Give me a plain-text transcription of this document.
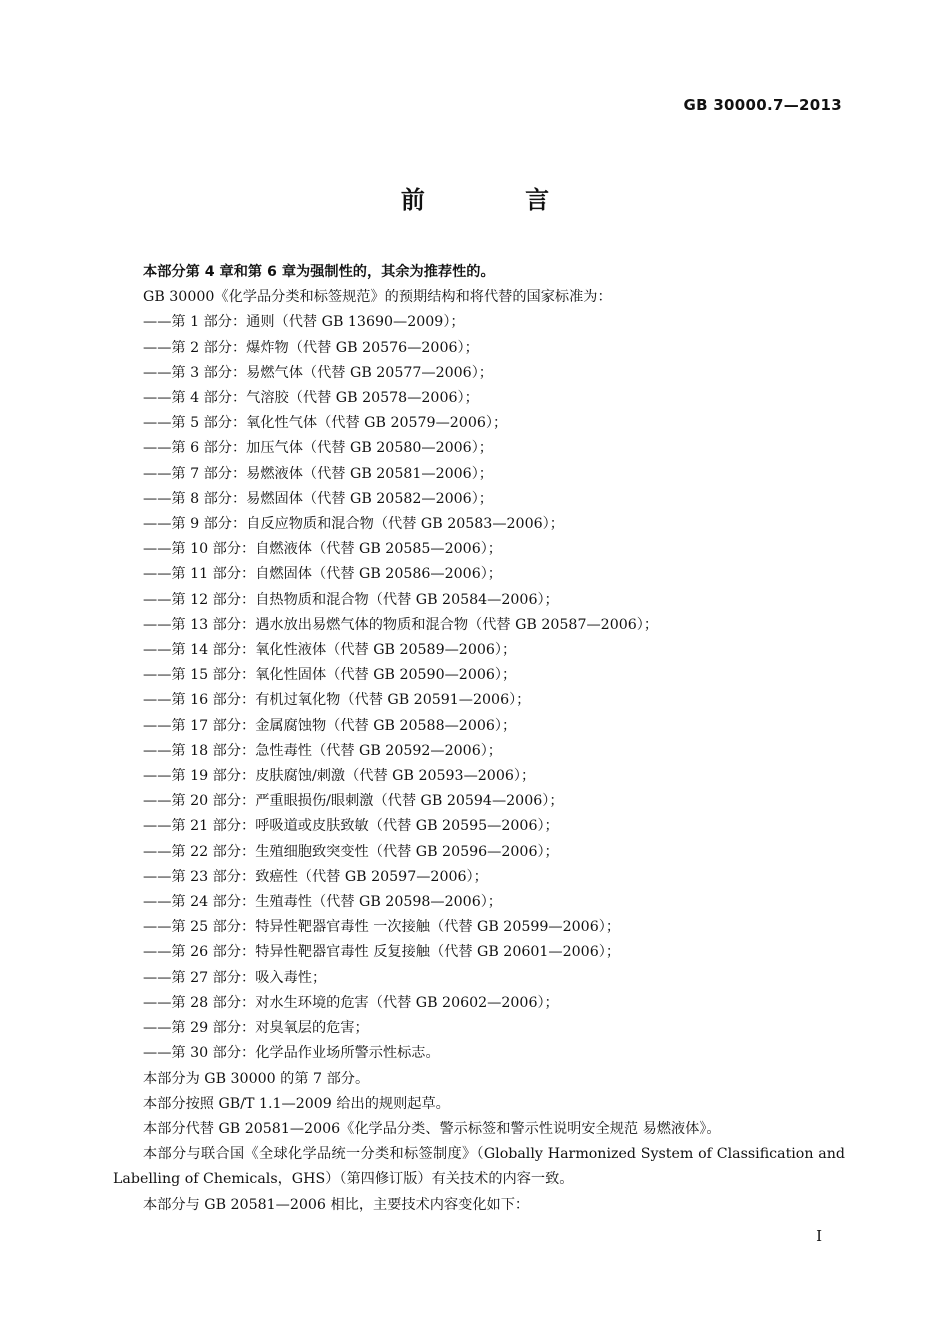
GB 30000.7—2013
前 言
本部分第 4 章和第 6 章为强制性的，其余为推荐性的。
GB 30000《化学品分类和标签规范》的预期结构和将代替的国家标准为：
——第 1 部分：通则（代替 GB 13690—2009）；
——第 2 部分：爆炸物（代替 GB 20576—2006）；
——第 3 部分：易燃气体（代替 GB 20577—2006）；
——第 4 部分：气溶胶（代替 GB 20578—2006）；
——第 5 部分：氧化性气体（代替 GB 20579—2006）；
——第 6 部分：加压气体（代替 GB 20580—2006）；
——第 7 部分：易燃液体（代替 GB 20581—2006）；
——第 8 部分：易燃固体（代替 GB 20582—2006）；
——第 9 部分：自反应物质和混合物（代替 GB 20583—2006）；
——第 10 部分：自燃液体（代替 GB 20585—2006）；
——第 11 部分：自燃固体（代替 GB 20586—2006）；
——第 12 部分：自热物质和混合物（代替 GB 20584—2006）；
——第 13 部分：遇水放出易燃气体的物质和混合物（代替 GB 20587—2006）；
——第 14 部分：氧化性液体（代替 GB 20589—2006）；
——第 15 部分：氧化性固体（代替 GB 20590—2006）；
——第 16 部分：有机过氧化物（代替 GB 20591—2006）；
——第 17 部分：金属腐蚀物（代替 GB 20588—2006）；
——第 18 部分：急性毒性（代替 GB 20592—2006）；
——第 19 部分：皮肤腐蚀/刺激（代替 GB 20593—2006）；
——第 20 部分：严重眼损伤/眼刺激（代替 GB 20594—2006）；
——第 21 部分：呼吸道或皮肤致敏（代替 GB 20595—2006）；
——第 22 部分：生殖细胞致突变性（代替 GB 20596—2006）；
——第 23 部分：致癌性（代替 GB 20597—2006）；
——第 24 部分：生殖毒性（代替 GB 20598—2006）；
——第 25 部分：特异性靶器官毒性 一次接触（代替 GB 20599—2006）；
——第 26 部分：特异性靶器官毒性 反复接触（代替 GB 20601—2006）；
——第 27 部分：吸入毒性；
——第 28 部分：对水生环境的危害（代替 GB 20602—2006）；
——第 29 部分：对臭氧层的危害；
——第 30 部分：化学品作业场所警示性标志。
本部分为 GB 30000 的第 7 部分。
本部分按照 GB/T 1.1—2009 给出的规则起草。
本部分代替 GB 20581—2006《化学品分类、警示标签和警示性说明安全规范 易燃液体》。
本部分与联合国《全球化学品统一分类和标签制度》（Globally Harmonized System of Classification and Labelling of Chemicals，GHS）（第四修订版）有关技术的内容一致。
本部分与 GB 20581—2006 相比，主要技术内容变化如下：
I
